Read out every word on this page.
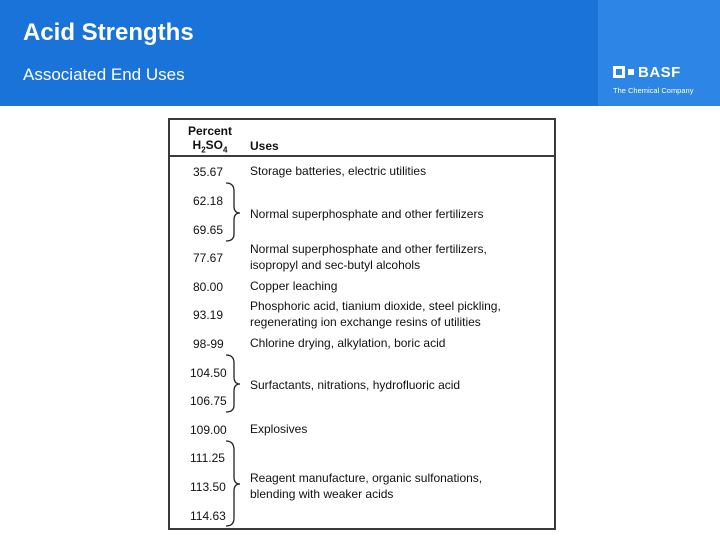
Acid Strengths
Associated End Uses	BASF
The Chemical Company
Percent
$H_2SO_4$	Uses
35.67
62.18
69.65
77.67
80.00
93.19
98-99
104.50
106.75
109.00
111.25
113.50
114.63
Storage batteries, electric utilities
Normal superphosphate and other fertilizers
Normal superphosphate and other fertilizers,
isopropyl and sec-butyl alcohols
Copper leaching
Phosphoric acid, tianium dioxide, steel pickling,
regenerating ion exchange resins of utilities
Chlorine drying, alkylation, boric acid
Surfactants, nitrations, hydrofluoric acid
Explosives
Reagent manufacture, organic sulfonations,
blending with weaker acids
